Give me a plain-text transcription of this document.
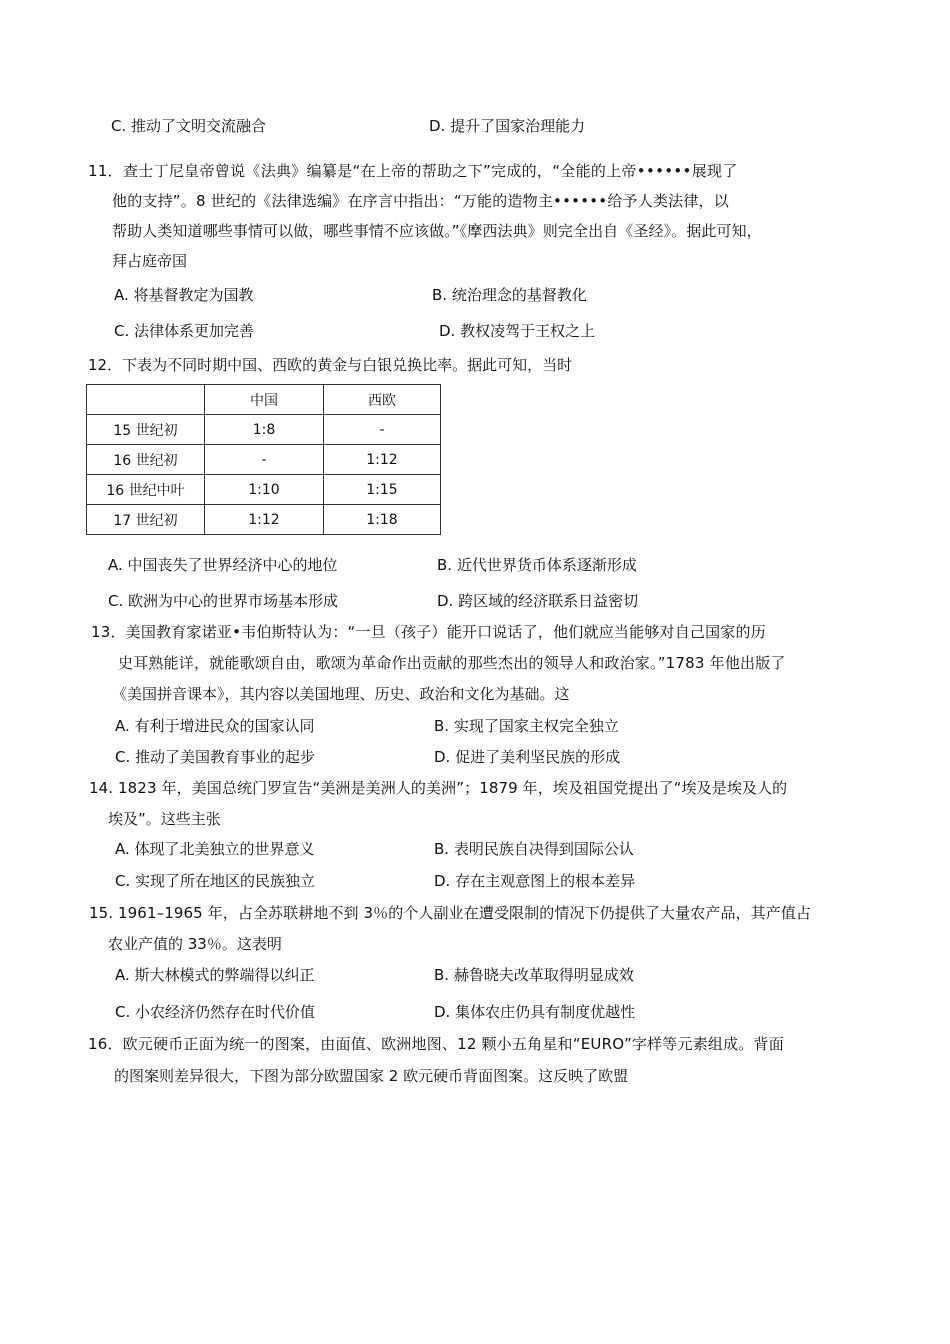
C. 推动了文明交流融合	D. 提升了国家治理能力
11．查士丁尼皇帝曾说《法典》编纂是“在上帝的帮助之下”完成的，“全能的上帝••••••展现了
他的支持”。8 世纪的《法律选编》在序言中指出：“万能的造物主••••••给予人类法律，以
帮助人类知道哪些事情可以做，哪些事情不应该做。”《摩西法典》则完全出自《圣经》。据此可知，
拜占庭帝国
A. 将基督教定为国教	B. 统治理念的基督教化
C. 法律体系更加完善	D. 教权凌驾于王权之上
12．下表为不同时期中国、西欧的黄金与白银兑换比率。据此可知，当时
	中国	西欧
15 世纪初	1:8	-
16 世纪初	-	1:12
16 世纪中叶	1:10	1:15
17 世纪初	1:12	1:18
A. 中国丧失了世界经济中心的地位	B. 近代世界货币体系逐渐形成
C. 欧洲为中心的世界市场基本形成	D. 跨区域的经济联系日益密切
13．美国教育家诺亚•韦伯斯特认为：“一旦（孩子）能开口说话了，他们就应当能够对自己国家的历
史耳熟能详，就能歌颂自由，歌颂为革命作出贡献的那些杰出的领导人和政治家。”1783 年他出版了
《美国拼音课本》，其内容以美国地理、历史、政治和文化为基础。这
A. 有利于增进民众的国家认同	B. 实现了国家主权完全独立
C. 推动了美国教育事业的起步	D. 促进了美利坚民族的形成
14. 1823 年，美国总统门罗宣告“美洲是美洲人的美洲”；1879 年，埃及祖国党提出了“埃及是埃及人的
埃及”。这些主张
A. 体现了北美独立的世界意义	B. 表明民族自决得到国际公认
C. 实现了所在地区的民族独立	D. 存在主观意图上的根本差异
15. 1961–1965 年，占全苏联耕地不到 3％的个人副业在遭受限制的情况下仍提供了大量农产品，其产值占
农业产值的 33％。这表明
A. 斯大林模式的弊端得以纠正	B. 赫鲁晓夫改革取得明显成效
C. 小农经济仍然存在时代价值	D. 集体农庄仍具有制度优越性
16．欧元硬币正面为统一的图案，由面值、欧洲地图、12 颗小五角星和“EURO”字样等元素组成。背面
的图案则差异很大，下图为部分欧盟国家 2 欧元硬币背面图案。这反映了欧盟
